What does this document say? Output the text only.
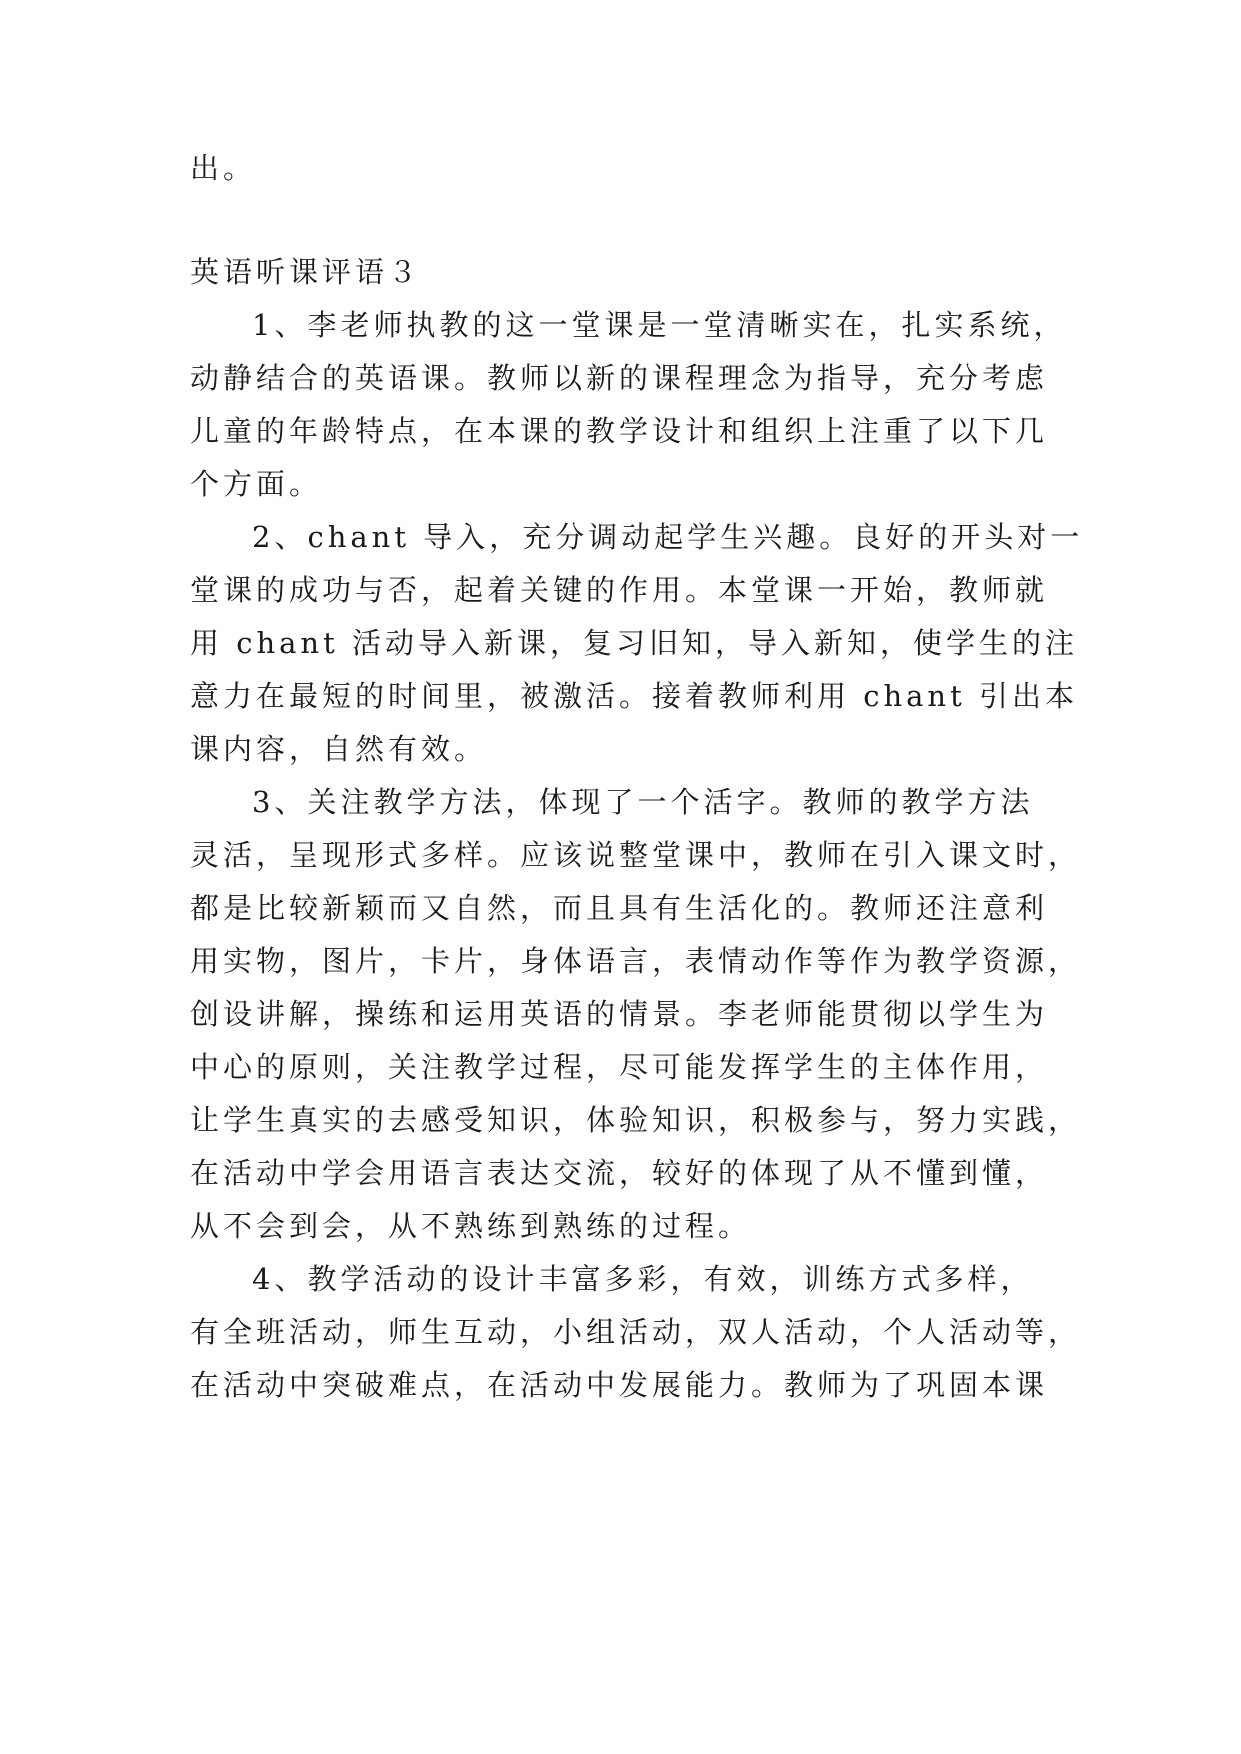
出。

英语听课评语３

1、李老师执教的这一堂课是一堂清晰实在，扎实系统，

动静结合的英语课。教师以新的课程理念为指导，充分考虑

儿童的年龄特点，在本课的教学设计和组织上注重了以下几

个方面。

2、chant 导入，充分调动起学生兴趣。良好的开头对一

堂课的成功与否，起着关键的作用。本堂课一开始，教师就

用 chant 活动导入新课，复习旧知，导入新知，使学生的注

意力在最短的时间里，被激活。接着教师利用 chant 引出本

课内容，自然有效。

3、关注教学方法，体现了一个活字。教师的教学方法

灵活，呈现形式多样。应该说整堂课中，教师在引入课文时，

都是比较新颖而又自然，而且具有生活化的。教师还注意利

用实物，图片，卡片，身体语言，表情动作等作为教学资源，

创设讲解，操练和运用英语的情景。李老师能贯彻以学生为

中心的原则，关注教学过程，尽可能发挥学生的主体作用，

让学生真实的去感受知识，体验知识，积极参与，努力实践，

在活动中学会用语言表达交流，较好的体现了从不懂到懂，

从不会到会，从不熟练到熟练的过程。

4、教学活动的设计丰富多彩，有效，训练方式多样，

有全班活动，师生互动，小组活动，双人活动，个人活动等，

在活动中突破难点，在活动中发展能力。教师为了巩固本课
